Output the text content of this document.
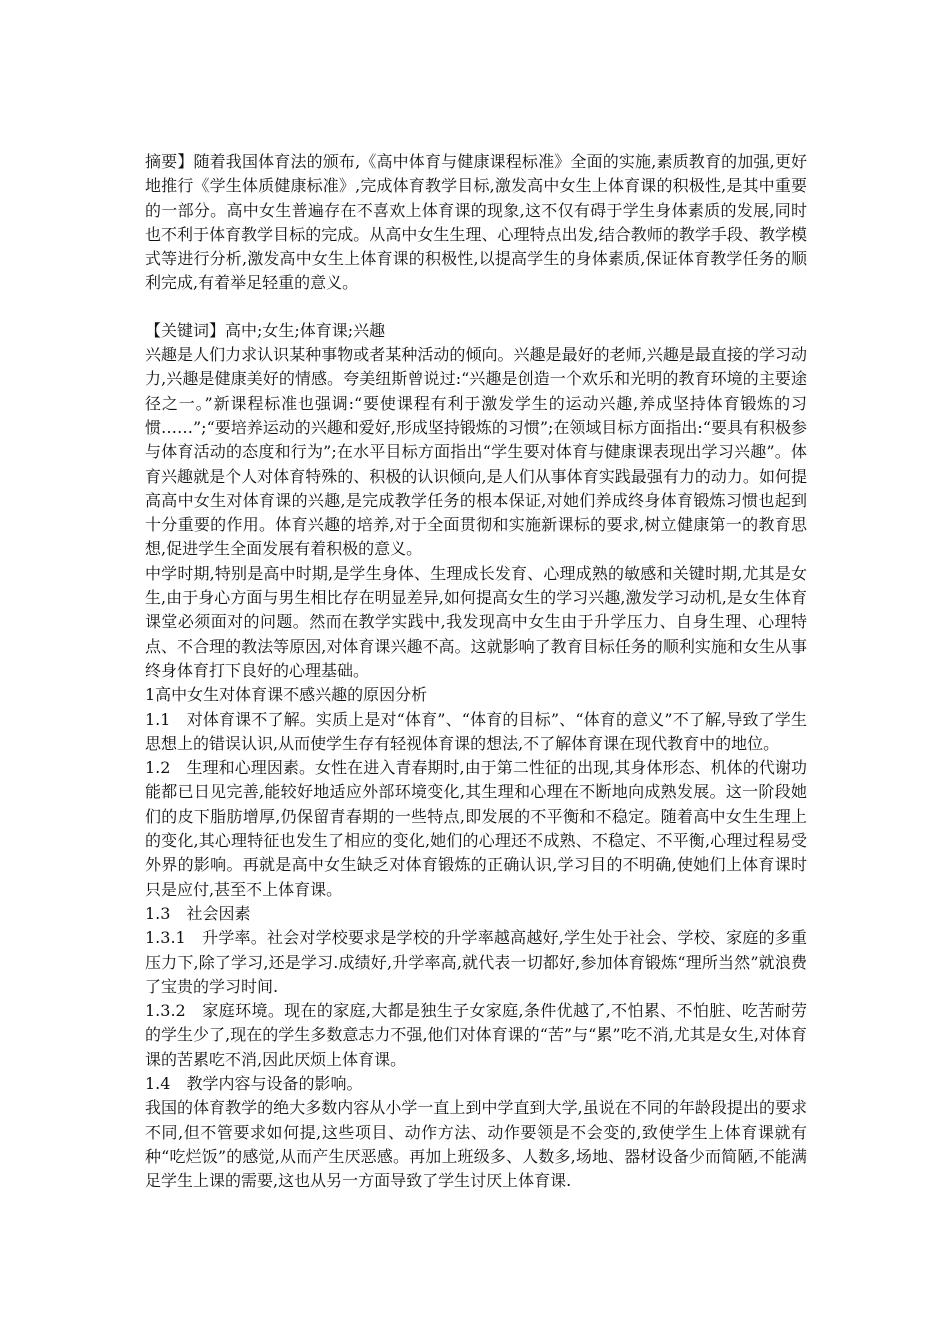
摘要】随着我国体育法的颁布,《高中体育与健康课程标准》全面的实施,素质教育的加强,更好地推行《学生体质健康标准》,完成体育教学目标,激发高中女生上体育课的积极性,是其中重要的一部分。高中女生普遍存在不喜欢上体育课的现象,这不仅有碍于学生身体素质的发展,同时也不利于体育教学目标的完成。从高中女生生理、心理特点出发,结合教师的教学手段、教学模式等进行分析,激发高中女生上体育课的积极性,以提高学生的身体素质,保证体育教学任务的顺利完成,有着举足轻重的意义。

【关键词】高中;女生;体育课;兴趣

兴趣是人们力求认识某种事物或者某种活动的倾向。兴趣是最好的老师,兴趣是最直接的学习动力,兴趣是健康美好的情感。夸美纽斯曾说过:“兴趣是创造一个欢乐和光明的教育环境的主要途径之一。”新课程标准也强调:“要使课程有利于激发学生的运动兴趣,养成坚持体育锻炼的习惯……”;“要培养运动的兴趣和爱好,形成坚持锻炼的习惯”;在领域目标方面指出:“要具有积极参与体育活动的态度和行为”;在水平目标方面指出“学生要对体育与健康课表现出学习兴趣”。体育兴趣就是个人对体育特殊的、积极的认识倾向,是人们从事体育实践最强有力的动力。如何提高高中女生对体育课的兴趣,是完成教学任务的根本保证,对她们养成终身体育锻炼习惯也起到十分重要的作用。体育兴趣的培养,对于全面贯彻和实施新课标的要求,树立健康第一的教育思想,促进学生全面发展有着积极的意义。

中学时期,特别是高中时期,是学生身体、生理成长发育、心理成熟的敏感和关键时期,尤其是女生,由于身心方面与男生相比存在明显差异,如何提高女生的学习兴趣,激发学习动机,是女生体育课堂必须面对的问题。然而在教学实践中,我发现高中女生由于升学压力、自身生理、心理特点、不合理的教法等原因,对体育课兴趣不高。这就影响了教育目标任务的顺利实施和女生从事终身体育打下良好的心理基础。

1高中女生对体育课不感兴趣的原因分析

1.1　对体育课不了解。实质上是对“体育”、“体育的目标”、“体育的意义”不了解,导致了学生思想上的错误认识,从而使学生存有轻视体育课的想法,不了解体育课在现代教育中的地位。

1.2　生理和心理因素。女性在进入青春期时,由于第二性征的出现,其身体形态、机体的代谢功能都已日见完善,能较好地适应外部环境变化,其生理和心理在不断地向成熟发展。这一阶段她们的皮下脂肪增厚,仍保留青春期的一些特点,即发展的不平衡和不稳定。随着高中女生生理上的变化,其心理特征也发生了相应的变化,她们的心理还不成熟、不稳定、不平衡,心理过程易受外界的影响。再就是高中女生缺乏对体育锻炼的正确认识,学习目的不明确,使她们上体育课时只是应付,甚至不上体育课。

1.3　社会因素

1.3.1　升学率。社会对学校要求是学校的升学率越高越好,学生处于社会、学校、家庭的多重压力下,除了学习,还是学习.成绩好,升学率高,就代表一切都好,参加体育锻炼“理所当然”就浪费了宝贵的学习时间.

1.3.2　家庭环境。现在的家庭,大都是独生子女家庭,条件优越了,不怕累、不怕脏、吃苦耐劳的学生少了,现在的学生多数意志力不强,他们对体育课的“苦”与“累”吃不消,尤其是女生,对体育课的苦累吃不消,因此厌烦上体育课。

1.4　教学内容与设备的影响。

我国的体育教学的绝大多数内容从小学一直上到中学直到大学,虽说在不同的年龄段提出的要求不同,但不管要求如何提,这些项目、动作方法、动作要领是不会变的,致使学生上体育课就有种“吃烂饭”的感觉,从而产生厌恶感。再加上班级多、人数多,场地、器材设备少而简陋,不能满足学生上课的需要,这也从另一方面导致了学生讨厌上体育课.
